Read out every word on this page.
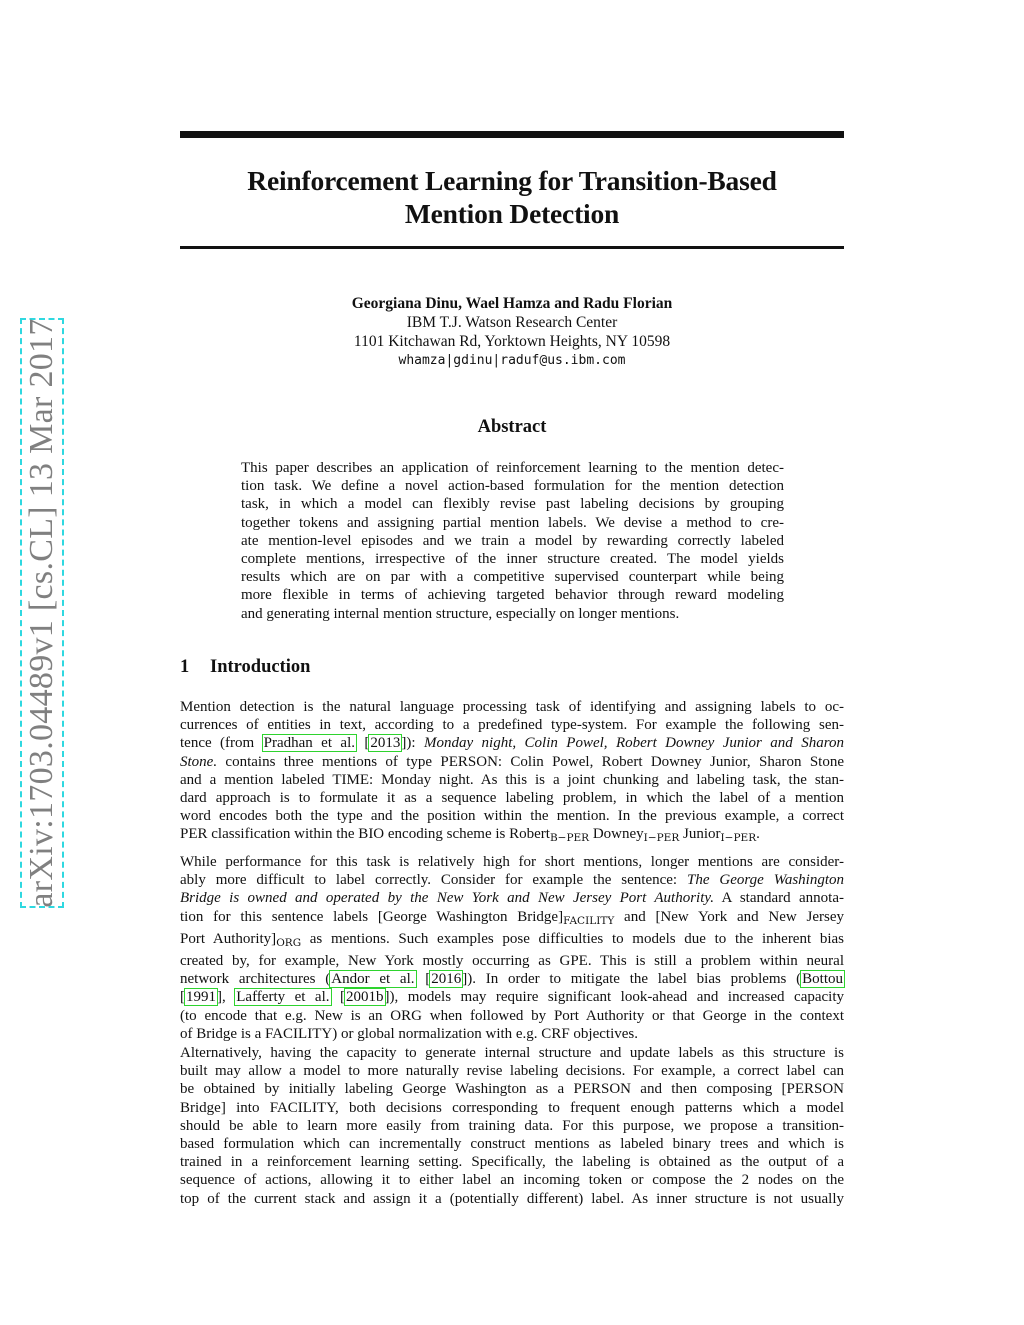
arXiv:1703.04489v1 [cs.CL] 13 Mar 2017
Reinforcement Learning for Transition-Based
Mention Detection
Georgiana Dinu, Wael Hamza and Radu Florian
IBM T.J. Watson Research Center
1101 Kitchawan Rd, Yorktown Heights, NY 10598
whamza|gdinu|raduf@us.ibm.com
Abstract
This paper describes an application of reinforcement learning to the mention detec-
tion task. We define a novel action-based formulation for the mention detection
task, in which a model can flexibly revise past labeling decisions by grouping
together tokens and assigning partial mention labels. We devise a method to cre-
ate mention-level episodes and we train a model by rewarding correctly labeled
complete mentions, irrespective of the inner structure created. The model yields
results which are on par with a competitive supervised counterpart while being
more flexible in terms of achieving targeted behavior through reward modeling
and generating internal mention structure, especially on longer mentions.
1 Introduction
Mention detection is the natural language processing task of identifying and assigning labels to oc-
currences of entities in text, according to a predefined type-system. For example the following sen-
tence (from Pradhan et al. [2013]): Monday night, Colin Powel, Robert Downey Junior and Sharon
Stone. contains three mentions of type PERSON: Colin Powel, Robert Downey Junior, Sharon Stone
and a mention labeled TIME: Monday night. As this is a joint chunking and labeling task, the stan-
dard approach is to formulate it as a sequence labeling problem, in which the label of a mention
word encodes both the type and the position within the mention. In the previous example, a correct
PER classification within the BIO encoding scheme is Robert$_{B-PER}$ Downey$_{I-PER}$ Junior$_{I-PER}$.
While performance for this task is relatively high for short mentions, longer mentions are consider-
ably more difficult to label correctly. Consider for example the sentence: The George Washington
Bridge is owned and operated by the New York and New Jersey Port Authority. A standard annota-
tion for this sentence labels [George Washington $Bridge]_{FACILITY}$ and [New York and New Jersey
Port $Authority]_{ORG}$ as mentions. Such examples pose difficulties to models due to the inherent bias
created by, for example, New York mostly occurring as GPE. This is still a problem within neural
network architectures (Andor et al. [2016]). In order to mitigate the label bias problems (Bottou
[1991], Lafferty et al. [2001b]), models may require significant look-ahead and increased capacity
(to encode that e.g. New is an ORG when followed by Port Authority or that George in the context
of Bridge is a FACILITY) or global normalization with e.g. CRF objectives.
Alternatively, having the capacity to generate internal structure and update labels as this structure is
built may allow a model to more naturally revise labeling decisions. For example, a correct label can
be obtained by initially labeling George Washington as a PERSON and then composing [PERSON
Bridge] into FACILITY, both decisions corresponding to frequent enough patterns which a model
should be able to learn more easily from training data. For this purpose, we propose a transition-
based formulation which can incrementally construct mentions as labeled binary trees and which is
trained in a reinforcement learning setting. Specifically, the labeling is obtained as the output of a
sequence of actions, allowing it to either label an incoming token or compose the 2 nodes on the
top of the current stack and assign it a (potentially different) label. As inner structure is not usually
